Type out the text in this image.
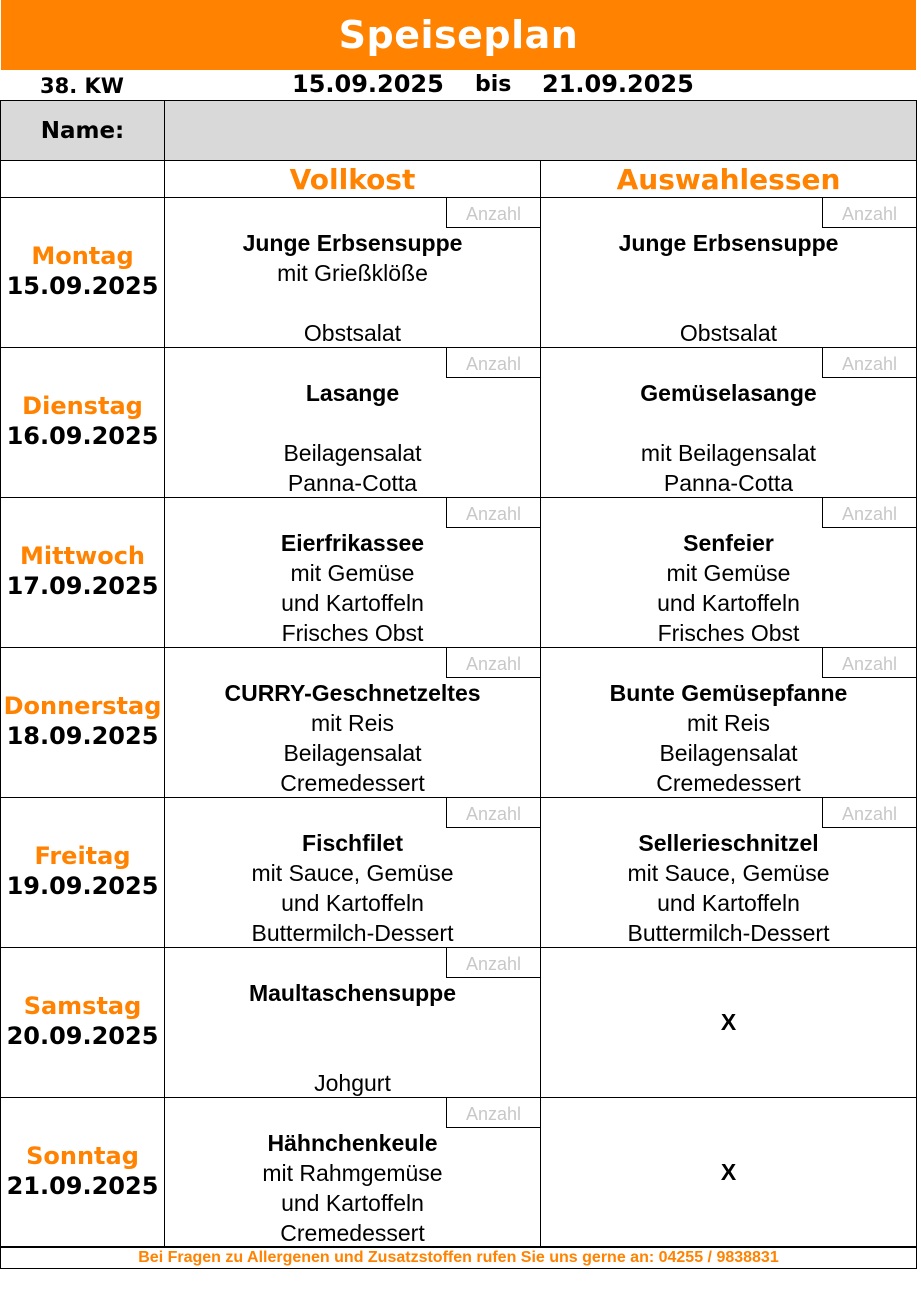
Speiseplan
38. KW	15.09.2025 bis 21.09.2025
Name:
Vollkost	Auswahlessen
Montag
15.09.2025
Anzahl
Junge Erbsensuppe
mit Grießklöße
Obstsalat
Anzahl
Junge Erbsensuppe
Obstsalat
Dienstag
16.09.2025
Anzahl
Lasange
Beilagensalat
Panna-Cotta
Anzahl
Gemüselasange
mit Beilagensalat
Panna-Cotta
Mittwoch
17.09.2025
Anzahl
Eierfrikassee
mit Gemüse
und Kartoffeln
Frisches Obst
Anzahl
Senfeier
mit Gemüse
und Kartoffeln
Frisches Obst
Donnerstag
18.09.2025
Anzahl
CURRY-Geschnetzeltes
mit Reis
Beilagensalat
Cremedessert
Anzahl
Bunte Gemüsepfanne
mit Reis
Beilagensalat
Cremedessert
Freitag
19.09.2025
Anzahl
Fischfilet
mit Sauce, Gemüse
und Kartoffeln
Buttermilch-Dessert
Anzahl
Sellerieschnitzel
mit Sauce, Gemüse
und Kartoffeln
Buttermilch-Dessert
Samstag
20.09.2025
Anzahl
Maultaschensuppe
Johgurt
X
Sonntag
21.09.2025
Anzahl
Hähnchenkeule
mit Rahmgemüse
und Kartoffeln
Cremedessert
X
Bei Fragen zu Allergenen und Zusatzstoffen rufen Sie uns gerne an: 04255 / 9838831
